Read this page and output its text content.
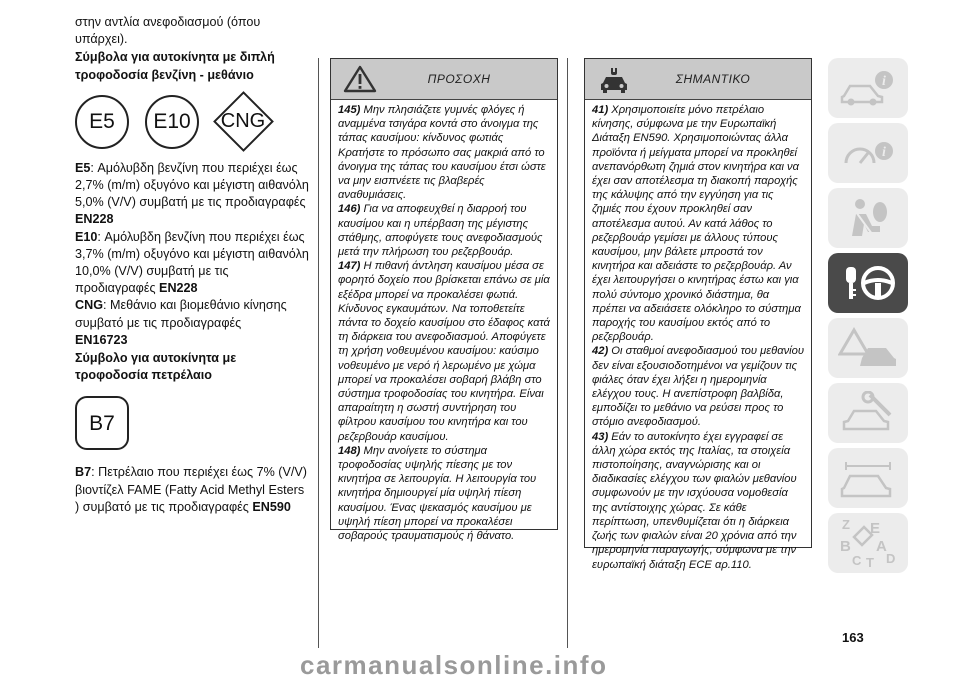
στην αντλία ανεφοδιασμού (όπου υπάρχει).

Σύμβολα για αυτοκίνητα με διπλή τροφοδοσία βενζίνη - μεθάνιο

E5	E10	CNG

E5: Αμόλυβδη βενζίνη που περιέχει έως 2,7% (m/m) οξυγόνο και μέγιστη αιθανόλη 5,0% (V/V) συμβατή με τις προδιαγραφές EN228

E10: Αμόλυβδη βενζίνη που περιέχει έως 3,7% (m/m) οξυγόνο και μέγιστη αιθανόλη 10,0% (V/V) συμβατή με τις προδιαγραφές EN228

CNG: Μεθάνιο και βιομεθάνιο κίνησης συμβατό με τις προδιαγραφές
EN16723

Σύμβολο για αυτοκίνητα με τροφοδοσία πετρέλαιο

B7

B7: Πετρέλαιο που περιέχει έως 7% (V/V) βιοντίζελ FAME (Fatty Acid Methyl Esters ) συμβατό με τις προδιαγραφές EN590

ΠΡΟΣΟΧΗ

145) Μην πλησιάζετε γυμνές φλόγες ή αναμμένα τσιγάρα κοντά στο άνοιγμα της τάπας καυσίμου: κίνδυνος φωτιάς Κρατήστε το πρόσωπο σας μακριά από το άνοιγμα της τάπας του καυσίμου έτσι ώστε να μην εισπνέετε τις βλαβερές αναθυμιάσεις.

146) Για να αποφευχθεί η διαρροή του καυσίμου και η υπέρβαση της μέγιστης στάθμης, αποφύγετε τους ανεφοδιασμούς μετά την πλήρωση του ρεζερβουάρ.

147) Η πιθανή άντληση καυσίμου μέσα σε φορητό δοχείο που βρίσκεται επάνω σε μία εξέδρα μπορεί να προκαλέσει φωτιά. Κίνδυνος εγκαυμάτων. Να τοποθετείτε πάντα το δοχείο καυσίμου στο έδαφος κατά τη διάρκεια του ανεφοδιασμού. Αποφύγετε τη χρήση νοθευμένου καυσίμου: καύσιμο νοθευμένο με νερό ή λερωμένο με χώμα μπορεί να προκαλέσει σοβαρή βλάβη στο σύστημα τροφοδοσίας του κινητήρα. Είναι απαραίτητη η σωστή συντήρηση του φίλτρου καυσίμου του κινητήρα και του ρεζερβουάρ καυσίμου.

148) Μην ανοίγετε το σύστημα τροφοδοσίας υψηλής πίεσης με τον κινητήρα σε λειτουργία. Η λειτουργία του κινητήρα δημιουργεί μία υψηλή πίεση καυσίμου. Ένας ψεκασμός καυσίμου με υψηλή πίεση μπορεί να προκαλέσει σοβαρούς τραυματισμούς ή θάνατο.

ΣΗΜΑΝΤΙΚΟ

41) Χρησιμοποιείτε μόνο πετρέλαιο κίνησης, σύμφωνα με την Ευρωπαϊκή Διάταξη EN590. Χρησιμοποιώντας άλλα προϊόντα ή μείγματα μπορεί να προκληθεί ανεπανόρθωτη ζημιά στον κινητήρα και να έχει σαν αποτέλεσμα τη διακοπή παροχής της κάλυψης από την εγγύηση για τις ζημιές που έχουν προκληθεί σαν αποτέλεσμα αυτού. Αν κατά λάθος το ρεζερβουάρ γεμίσει με άλλους τύπους καυσίμου, μην βάλετε μπροστά τον κινητήρα και αδειάστε το ρεζερβουάρ. Αν έχει λειτουργήσει ο κινητήρας έστω και για πολύ σύντομο χρονικό διάστημα, θα πρέπει να αδειάσετε ολόκληρο το σύστημα παροχής του καυσίμου εκτός από το ρεζερβουάρ.

42) Οι σταθμοί ανεφοδιασμού του μεθανίου δεν είναι εξουσιοδοτημένοι να γεμίζουν τις φιάλες όταν έχει λήξει η ημερομηνία ελέγχου τους. Η ανεπίστροφη βαλβίδα, εμποδίζει το μεθάνιο να ρεύσει προς το στόμιο ανεφοδιασμού.

43) Εάν το αυτοκίνητο έχει εγγραφεί σε άλλη χώρα εκτός της Ιταλίας, τα στοιχεία πιστοποίησης, αναγνώρισης και οι διαδικασίες ελέγχου των φιαλών μεθανίου συμφωνούν με την ισχύουσα νομοθεσία της αντίστοιχης χώρας. Σε κάθε περίπτωση, υπενθυμίζεται ότι η διάρκεια ζωής των φιαλών είναι 20 χρόνια από την ημερομηνία παραγωγής, σύμφωνα με την ευρωπαϊκή διάταξη ECE αρ.110.

i
i
Z E
B A
C D
T
163
carmanualsonline.info
